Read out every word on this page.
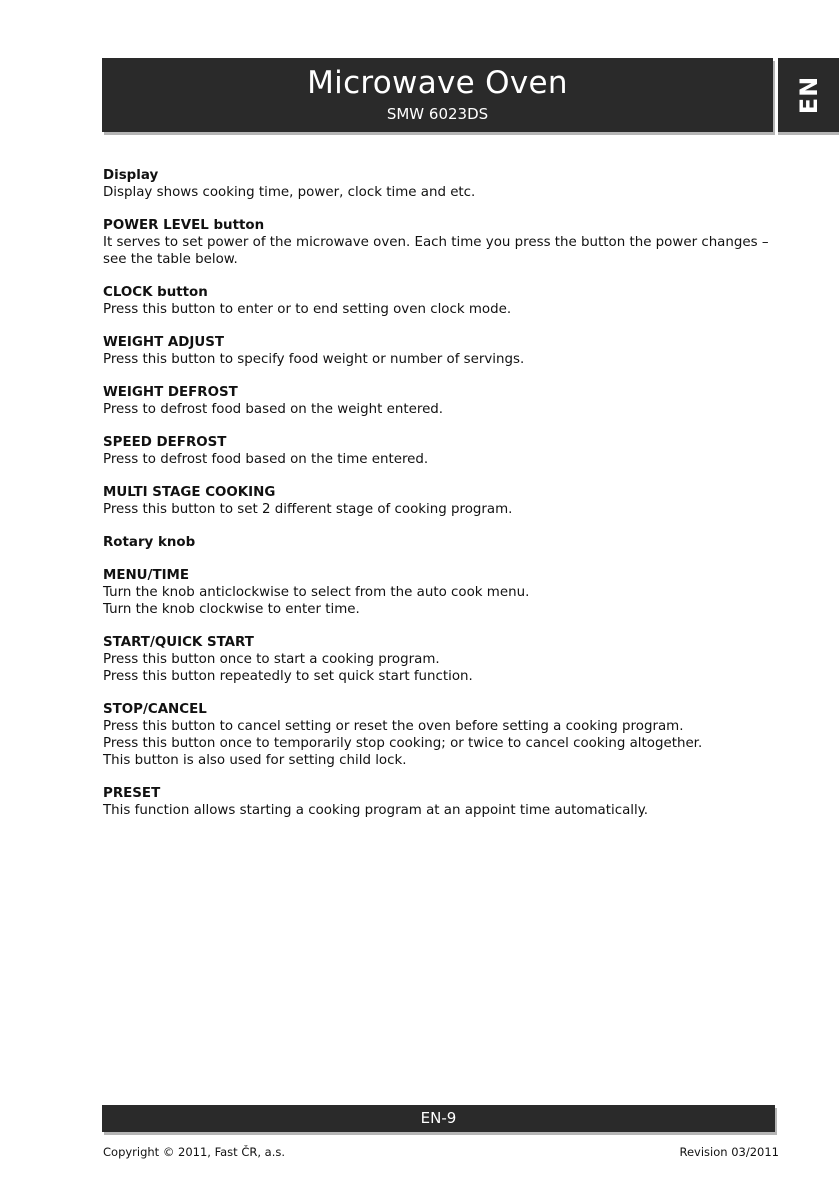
Microwave Oven
SMW 6023DS	EN
Display

Display shows cooking time, power, clock time and etc.

POWER LEVEL button

It serves to set power of the microwave oven. Each time you press the button the power changes – see the table below.

CLOCK button

Press this button to enter or to end setting oven clock mode.

WEIGHT ADJUST

Press this button to specify food weight or number of servings.

WEIGHT DEFROST

Press to defrost food based on the weight entered.

SPEED DEFROST

Press to defrost food based on the time entered.

MULTI STAGE COOKING

Press this button to set 2 different stage of cooking program.

Rotary knob
MENU/TIME

Turn the knob anticlockwise to select from the auto cook menu.

Turn the knob clockwise to enter time.

START/QUICK START

Press this button once to start a cooking program.

Press this button repeatedly to set quick start function.

STOP/CANCEL

Press this button to cancel setting or reset the oven before setting a cooking program.

Press this button once to temporarily stop cooking; or twice to cancel cooking altogether.

This button is also used for setting child lock.

PRESET

This function allows starting a cooking program at an appoint time automatically.

EN-9
Copyright © 2011, Fast ČR, a.s.	Revision 03/2011
